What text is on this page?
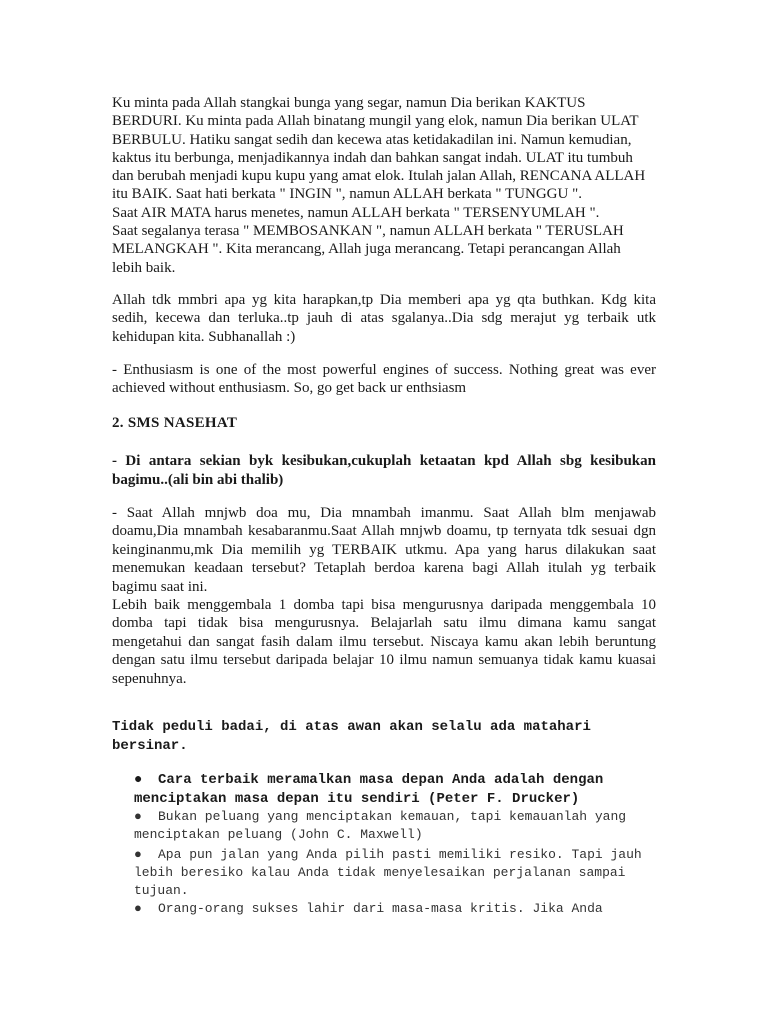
Ku minta pada Allah stangkai bunga yang segar, namun Dia berikan KAKTUS
BERDURI. Ku minta pada Allah binatang mungil yang elok, namun Dia berikan ULAT
BERBULU. Hatiku sangat sedih dan kecewa atas ketidakadilan ini. Namun kemudian,
kaktus itu berbunga, menjadikannya indah dan bahkan sangat indah. ULAT itu tumbuh
dan berubah menjadi kupu kupu yang amat elok. Itulah jalan Allah, RENCANA ALLAH
itu BAIK. Saat hati berkata " INGIN ", namun ALLAH berkata " TUNGGU ".
Saat AIR MATA harus menetes, namun ALLAH berkata " TERSENYUMLAH ".
Saat segalanya terasa " MEMBOSANKAN ", namun ALLAH berkata " TERUSLAH
MELANGKAH ". Kita merancang, Allah juga merancang. Tetapi perancangan Allah
lebih baik.
Allah tdk mmbri apa yg kita harapkan,tp Dia memberi apa yg qta buthkan. Kdg kita
sedih, kecewa dan terluka..tp jauh di atas sgalanya..Dia sdg merajut yg terbaik utk
kehidupan kita. Subhanallah :)
- Enthusiasm is one of the most powerful engines of success. Nothing great was ever
achieved without enthusiasm. So, go get back ur enthsiasm
2. SMS NASEHAT
- Di antara sekian byk kesibukan,cukuplah ketaatan kpd Allah sbg kesibukan
bagimu..(ali bin abi thalib)
- Saat Allah mnjwb doa mu, Dia mnambah imanmu. Saat Allah blm menjawab
doamu,Dia mnambah kesabaranmu.Saat Allah mnjwb doamu, tp ternyata tdk sesuai dgn
keinginanmu,mk Dia memilih yg TERBAIK utkmu. Apa yang harus dilakukan saat
menemukan keadaan tersebut? Tetaplah berdoa karena bagi Allah itulah yg terbaik
bagimu saat ini.
Lebih baik menggembala 1 domba tapi bisa mengurusnya daripada menggembala 10
domba tapi tidak bisa mengurusnya. Belajarlah satu ilmu dimana kamu sangat
mengetahui dan sangat fasih dalam ilmu tersebut. Niscaya kamu akan lebih beruntung
dengan satu ilmu tersebut daripada belajar 10 ilmu namun semuanya tidak kamu kuasai
sepenuhnya.
Tidak peduli badai, di atas awan akan selalu ada matahari
bersinar.
●	Cara terbaik meramalkan masa depan Anda adalah dengan
menciptakan masa depan itu sendiri (Peter F. Drucker)
●	Bukan peluang yang menciptakan kemauan, tapi kemauanlah yang
menciptakan peluang (John C. Maxwell)
●	Apa pun jalan yang Anda pilih pasti memiliki resiko. Tapi jauh
lebih beresiko kalau Anda tidak menyelesaikan perjalanan sampai
tujuan.
●	Orang-orang sukses lahir dari masa-masa kritis. Jika Anda
